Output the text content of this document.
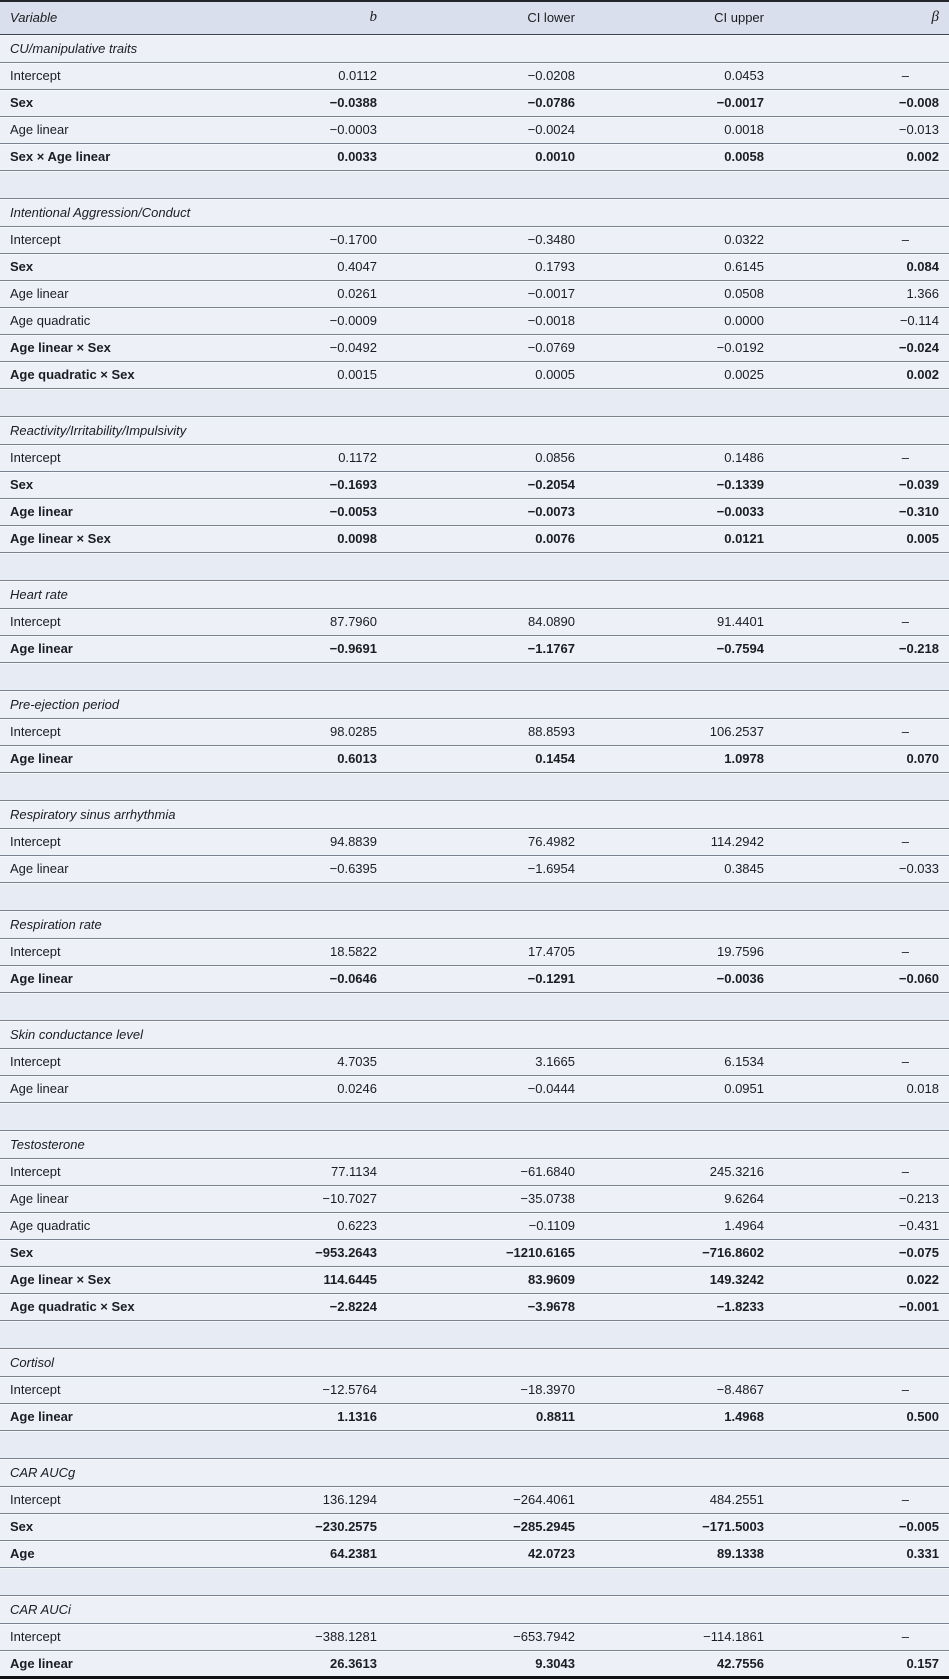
Variable	b	CI lower	CI upper	β
CU/manipulative traits				
Intercept	0.0112	−0.0208	0.0453	–
Sex	−0.0388	−0.0786	−0.0017	−0.008
Age linear	−0.0003	−0.0024	0.0018	−0.013
Sex × Age linear	0.0033	0.0010	0.0058	0.002

Intentional Aggression/Conduct				
Intercept	−0.1700	−0.3480	0.0322	–
Sex	0.4047	0.1793	0.6145	0.084
Age linear	0.0261	−0.0017	0.0508	1.366
Age quadratic	−0.0009	−0.0018	0.0000	−0.114
Age linear × Sex	−0.0492	−0.0769	−0.0192	−0.024
Age quadratic × Sex	0.0015	0.0005	0.0025	0.002

Reactivity/Irritability/Impulsivity				
Intercept	0.1172	0.0856	0.1486	–
Sex	−0.1693	−0.2054	−0.1339	−0.039
Age linear	−0.0053	−0.0073	−0.0033	−0.310
Age linear × Sex	0.0098	0.0076	0.0121	0.005

Heart rate				
Intercept	87.7960	84.0890	91.4401	–
Age linear	−0.9691	−1.1767	−0.7594	−0.218

Pre-ejection period				
Intercept	98.0285	88.8593	106.2537	–
Age linear	0.6013	0.1454	1.0978	0.070

Respiratory sinus arrhythmia				
Intercept	94.8839	76.4982	114.2942	–
Age linear	−0.6395	−1.6954	0.3845	−0.033

Respiration rate				
Intercept	18.5822	17.4705	19.7596	–
Age linear	−0.0646	−0.1291	−0.0036	−0.060

Skin conductance level				
Intercept	4.7035	3.1665	6.1534	–
Age linear	0.0246	−0.0444	0.0951	0.018

Testosterone				
Intercept	77.1134	−61.6840	245.3216	–
Age linear	−10.7027	−35.0738	9.6264	−0.213
Age quadratic	0.6223	−0.1109	1.4964	−0.431
Sex	−953.2643	−1210.6165	−716.8602	−0.075
Age linear × Sex	114.6445	83.9609	149.3242	0.022
Age quadratic × Sex	−2.8224	−3.9678	−1.8233	−0.001

Cortisol				
Intercept	−12.5764	−18.3970	−8.4867	–
Age linear	1.1316	0.8811	1.4968	0.500

CAR AUCg				
Intercept	136.1294	−264.4061	484.2551	–
Sex	−230.2575	−285.2945	−171.5003	−0.005
Age	64.2381	42.0723	89.1338	0.331

CAR AUCi				
Intercept	−388.1281	−653.7942	−114.1861	–
Age linear	26.3613	9.3043	42.7556	0.157
